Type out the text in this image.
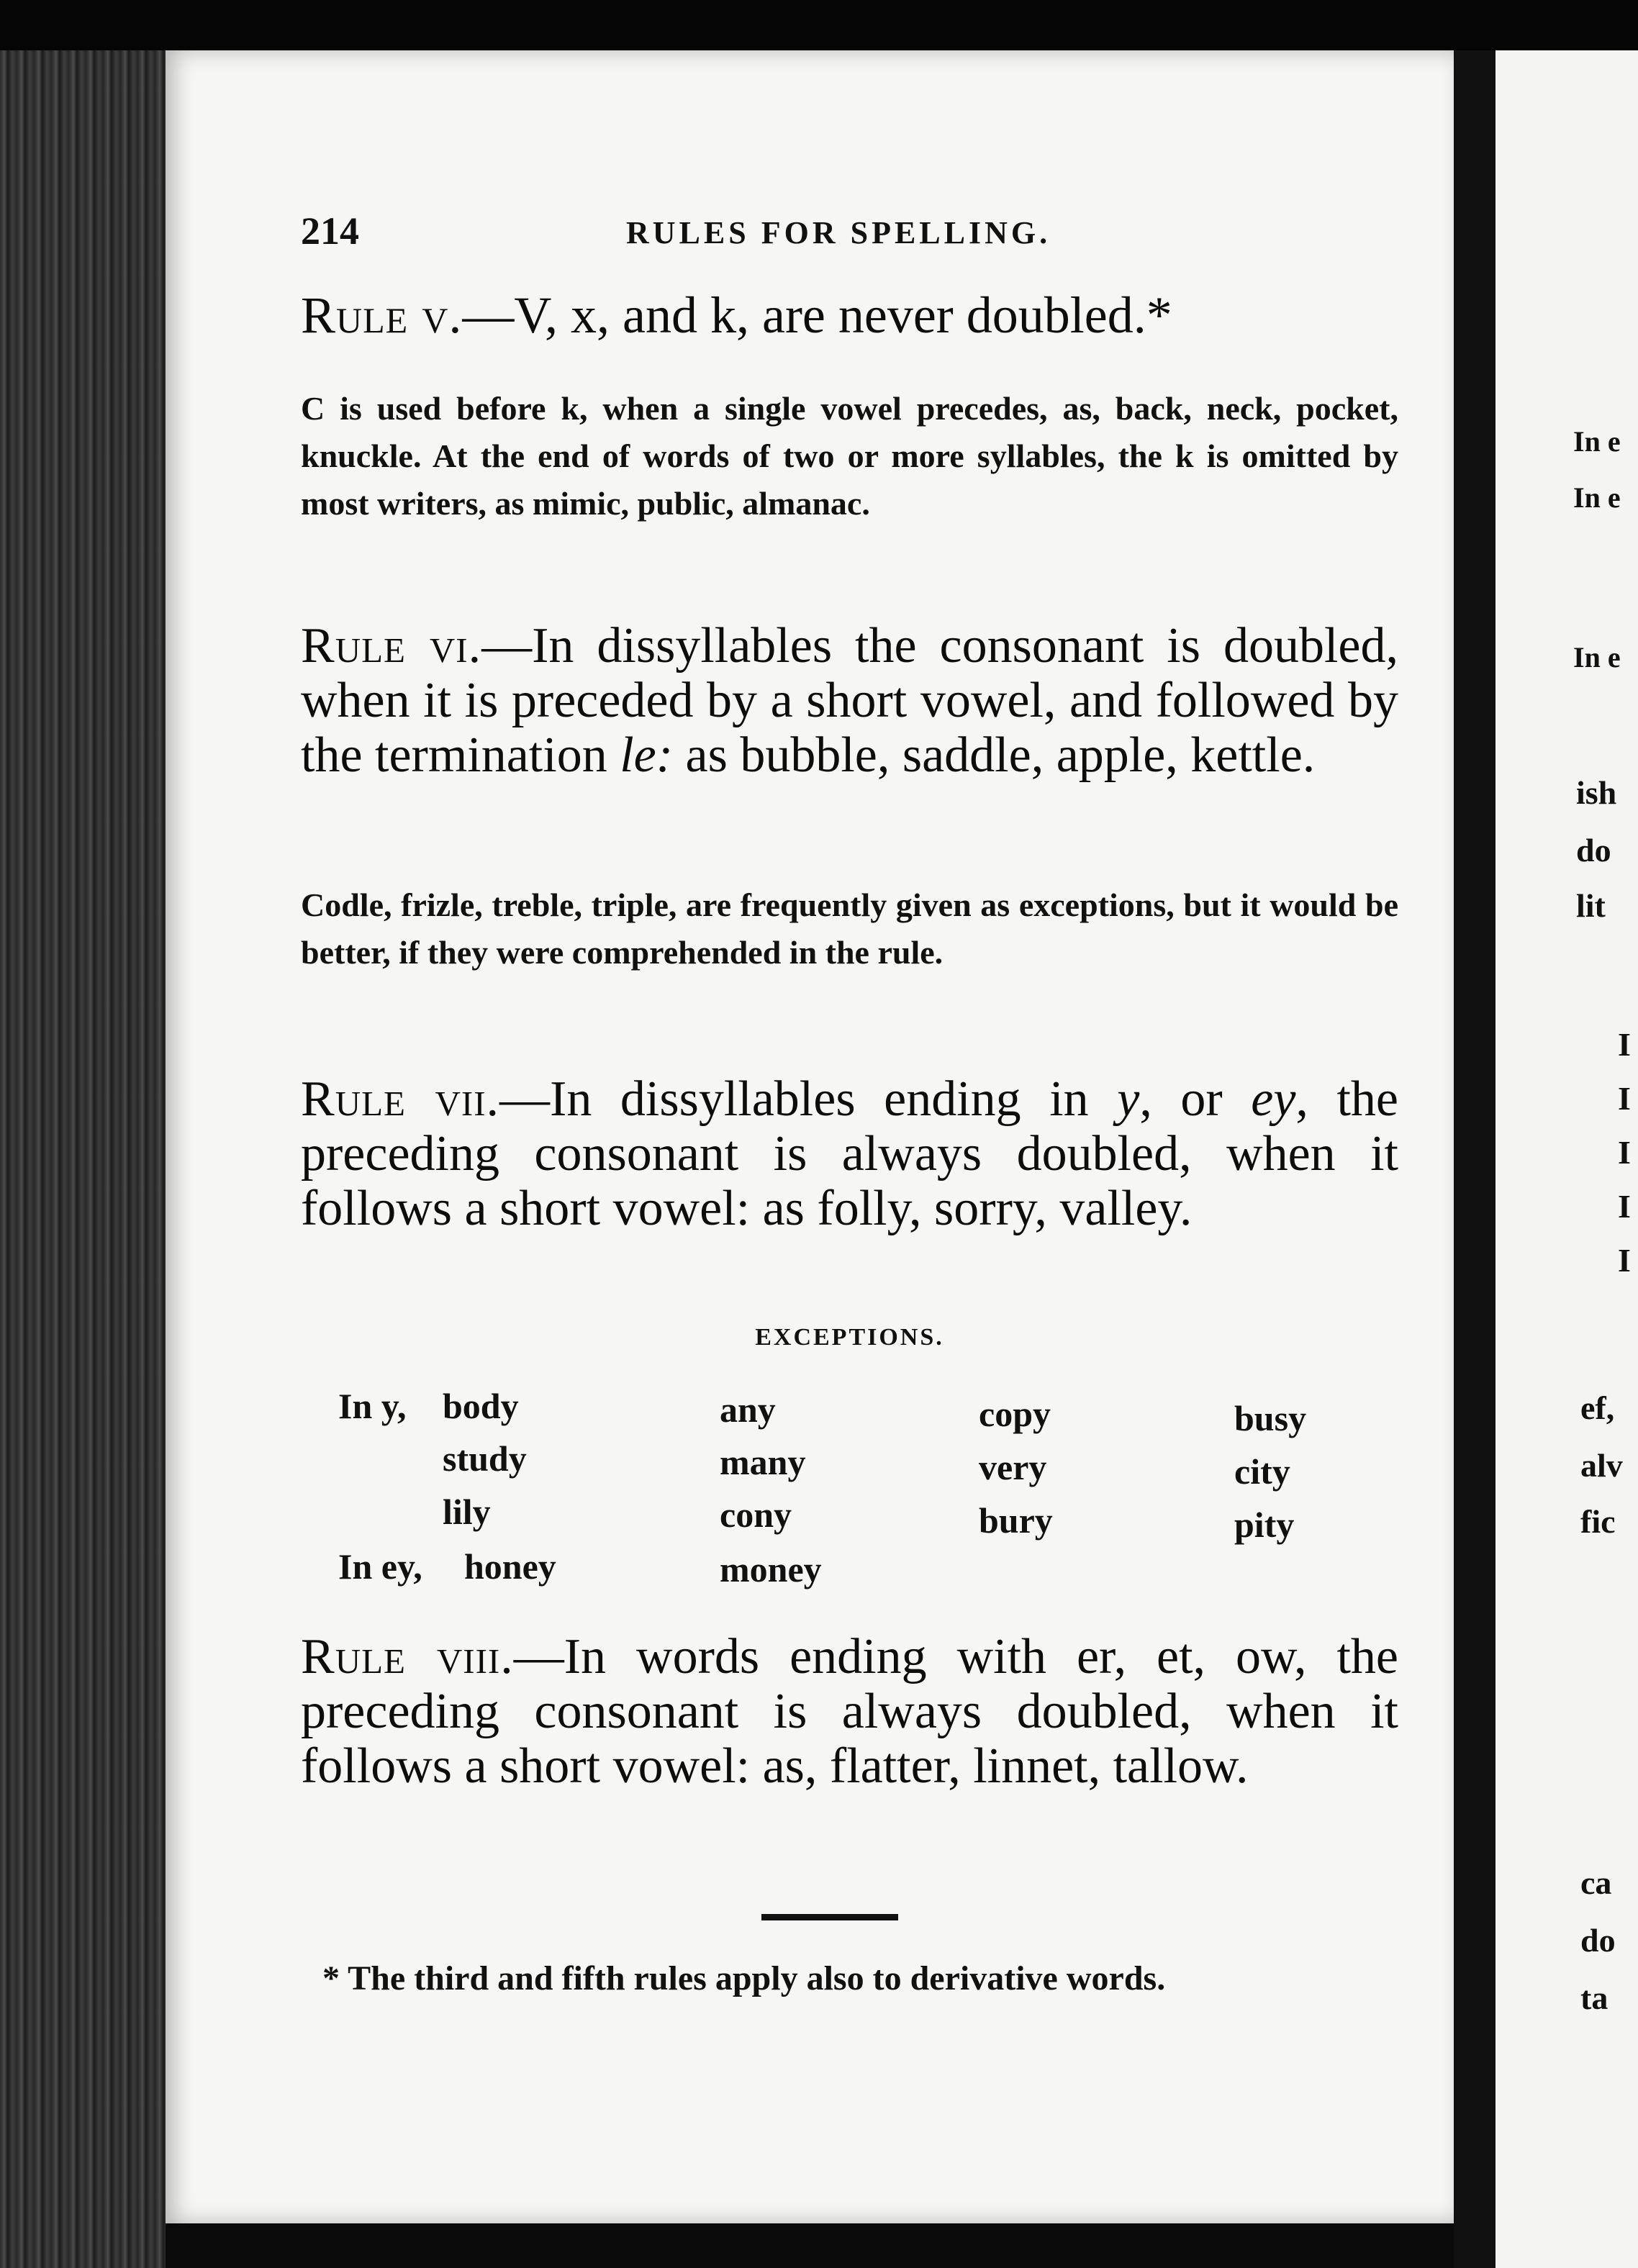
214	RULES FOR SPELLING.
Rule v.—V, x, and k, are never doubled.*
C is used before k, when a single vowel precedes, as, back, neck, pocket, knuckle. At the end of words of two or more syllables, the k is omitted by most writers, as mimic, public, almanac.
Rule vi.—In dissyllables the consonant is doubled, when it is preceded by a short vowel, and followed by the termination le: as bubble, saddle, apple, kettle.
Codle, frizle, treble, triple, are frequently given as exceptions, but it would be better, if they were comprehended in the rule.
Rule vii.—In dissyllables ending in y, or ey, the preceding consonant is always doubled, when it follows a short vowel: as folly, sorry, valley.
EXCEPTIONS.
In y, body
study
lily
In ey, honey
any
many
cony
money
copy
very
bury
busy
city
pity
Rule viii.—In words ending with er, et, ow, the preceding consonant is always doubled, when it follows a short vowel: as, flatter, linnet, tallow.
* The third and fifth rules apply also to derivative words.
In e
In e
In e
ish
do
lit
I
I
I
I
I
ef,
alv
fic
ca
do
ta
